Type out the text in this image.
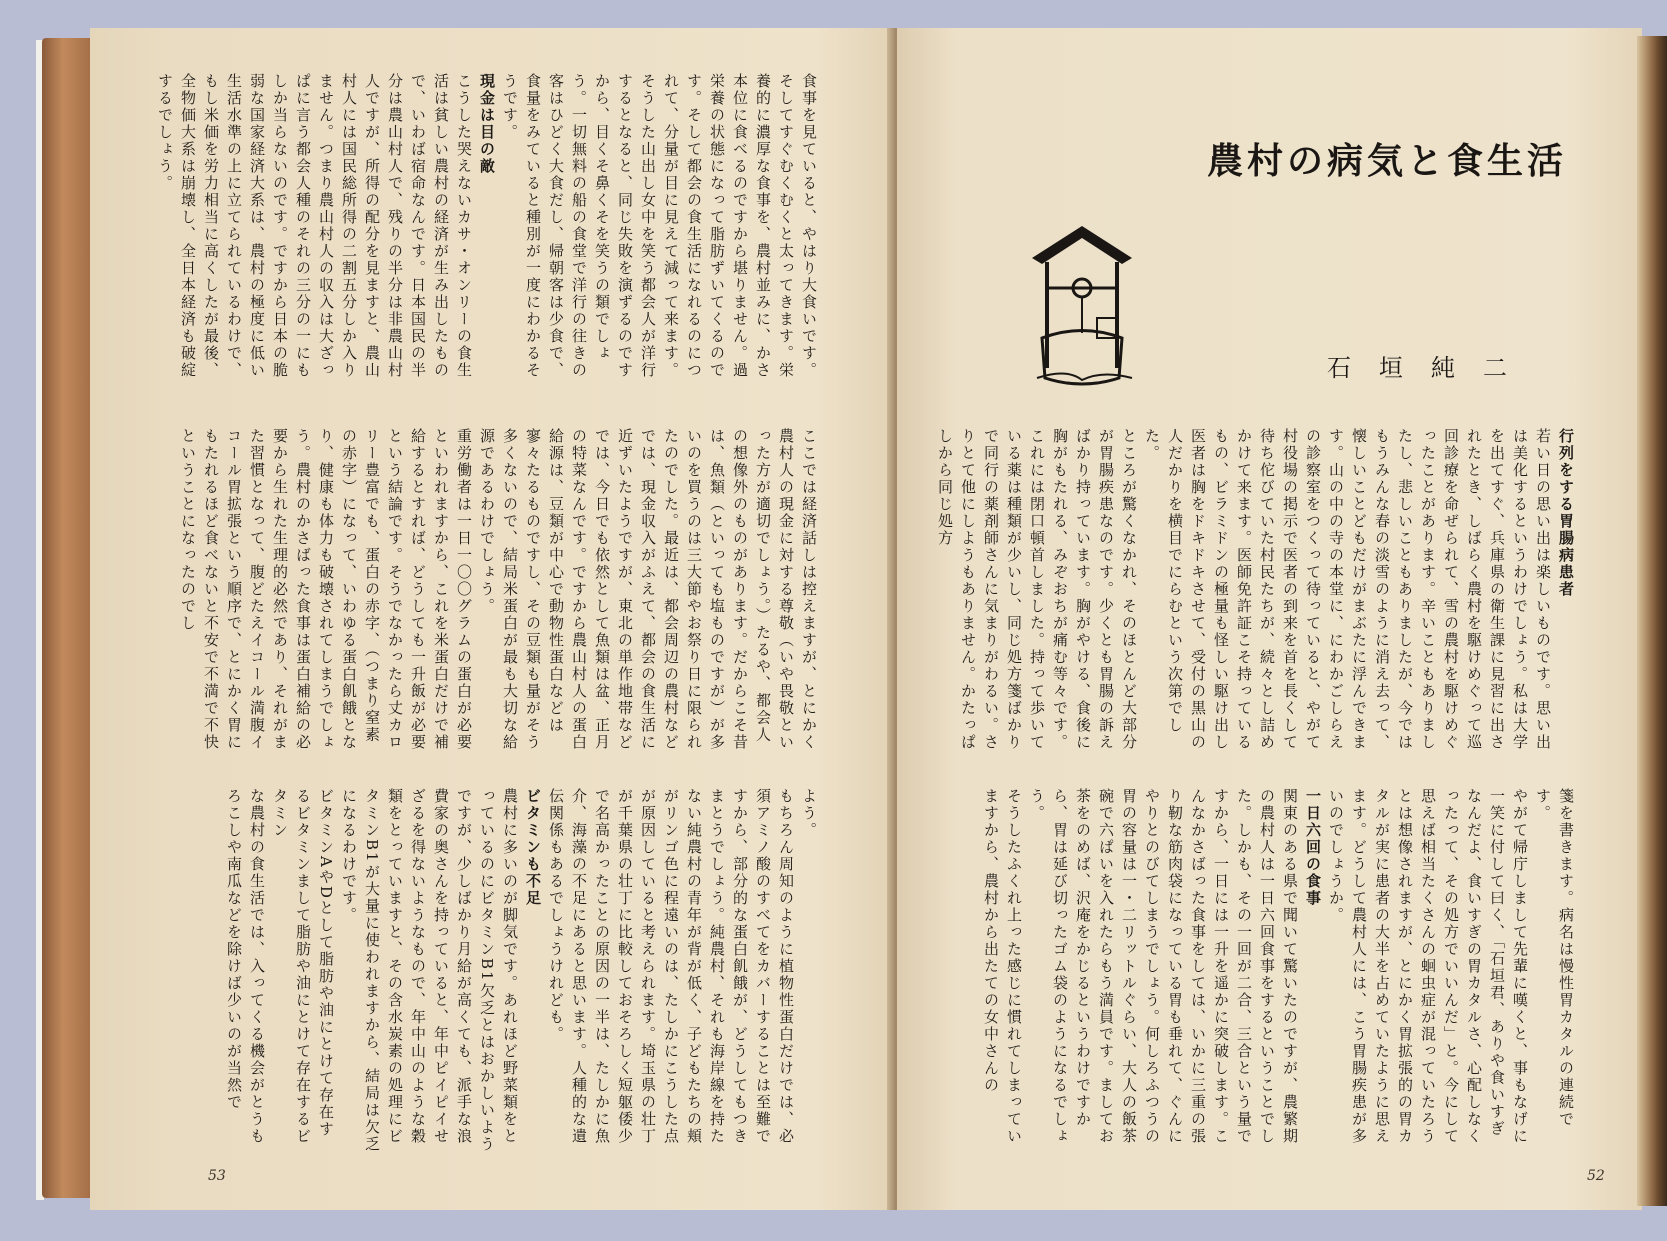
食事を見ていると、やはり大食いです。そしてすぐむくむくと太ってきます。栄養的に濃厚な食事を、農村並みに、かさ本位に食べるのですから堪りません。過栄養の状態になって脂肪ずいてくるのです。そして都会の食生活になれるのにつれて、分量が目に見えて減って来ます。そうした山出し女中を笑う都会人が洋行するとなると、同じ失敗を演ずるのですから、目くそ鼻くそを笑うの類でしょう。一切無料の船の食堂で洋行の往きの客はひどく大食だし、帰朝客は少食で、食量をみていると種別が一度にわかるそうです。
現金は目の敵
こうした哭えないカサ・オンリーの食生活は貧しい農村の経済が生み出したもので、いわば宿命なんです。日本国民の半分は農山村人で、残りの半分は非農山村人ですが、所得の配分を見ますと、農山村人には国民総所得の二割五分しか入りません。つまり農山村人の収入は大ざっぱに言う都会人種のそれの三分の一にもしか当らないのです。ですから日本の脆弱な国家経済大系は、農村の極度に低い生活水準の上に立てられているわけで、もし米価を労力相当に高くしたが最後、全物価大系は崩壊し、全日本経済も破綻するでしょう。
ここでは経済話しは控えますが、とにかく農村人の現金に対する尊敬（いや畏敬といった方が適切でしょう。）たるや、都会人の想像外のものがあります。だからこそ昔は、魚類（といっても塩ものですが）が多いのを買うのは三大節やお祭り日に限られたのでした。最近は、都会周辺の農村などでは、現金収入がふえて、都会の食生活に近ずいたようですが、東北の単作地帯などでは、今日でも依然として魚類は盆、正月の特菜なんです。ですから農山村人の蛋白給源は、豆類が中心で動物性蛋白などは寥々たるものですし、その豆類も量がそう多くないので、結局米蛋白が最も大切な給源であるわけでしょう。
重労働者は一日一〇〇グラムの蛋白が必要といわれますから、これを米蛋白だけで補給するとすれば、どうしても一升飯が必要という結論です。そうでなかったら丈カロリー豊富でも、蛋白の赤字、（つまり窒素の赤字）になって、いわゆる蛋白飢餓となり、健康も体力も破壊されてしまうでしょう。農村のかさばった食事は蛋白補給の必要から生れた生理的必然であり、それがまた習慣となって、腹どたえイコール満腹イコール胃拡張という順序で、とにかく胃にもたれるほど食べないと不安で不満で不快ということになったのでし
よう。
もちろん周知のように植物性蛋白だけでは、必須アミノ酸のすべてをカバーすることは至難ですから、部分的な蛋白飢餓が、どうしてもつきまとうでしょう。純農村、それも海岸線を持たない純農村の青年が背が低く、子どもたちの頬がリンゴ色に程遠いのは、たしかにこうした点が原因していると考えられます。埼玉県の壮丁が千葉県の壮丁に比較しておそろしく短躯倭少で名高かったことの原因の一半は、たしかに魚介、海藻の不足にあると思います。人種的な遺伝関係もあるでしょうけれども。
ビタミンも不足
農村に多いのが脚気です。あれほど野菜類をとっているのにビタミンB1欠乏とはおかしいようですが、少しばかり月給が高くても、派手な浪費家の奥さんを持っていると、年中ピイピイせざるを得ないようなもので、年中山のような穀類をとっていますと、その含水炭素の処理にビタミンB1が大量に使われますから、結局は欠乏になるわけです。
ビタミンAやDとして脂肪や油にとけて存在するビタミンまして脂肪や油にとけて存在するビタミン
な農村の食生活では、入ってくる機会がとうもろこしや南瓜などを除けば少いのが当然で
53
農村の病気と食生活
石垣純二
行列をする胃腸病患者
若い日の思い出は楽しいものです。思い出は美化するというわけでしょう。私は大学を出てすぐ、兵庫県の衛生課に見習に出されたとき、しばらく農村を駆けめぐって巡回診療を命ぜられて、雪の農村を駆けめぐったことがあります。辛いこともありましたし、悲しいこともありましたが、今ではもうみんな春の淡雪のように消え去って、懐しいことどもだけがまぶたに浮んできます。山の中の寺の本堂に、にわかごしらえの診察室をつくって待っていると、やがて村役場の掲示で医者の到来を首を長くして待ち佗びていた村民たちが、続々とし詰めかけて来ます。医師免許証こそ持っているもの、ビラミドンの極量も怪しい駆け出し医者は胸をドキドキさせて、受付の黒山の人だかりを横目でにらむという次第でした。
ところが驚くなかれ、そのほとんど大部分が胃腸疾患なのです。少くとも胃腸の訴えばかり持っています。胸がやける、食後に胸がもたれる、みぞおちが痛む等々です。これには閉口頓首しました。持って歩いている薬は種類が少いし、同じ処方箋ばかりで同行の薬剤師さんに気まりがわるい。さりとて他にしようもありません。かたっぱしから同じ処方
箋を書きます。病名は慢性胃カタルの連続です。
やがて帰庁しまして先輩に嘆くと、事もなげに一笑に付して曰く、「石垣君、ありや食いすぎなんだよ、食いすぎの胃カタルさ、心配しなくったって、その処方でいいんだ」と。今にして思えば相当たくさんの蛔虫症が混っていたろうとは想像されますが、とにかく胃拡張的の胃カタルが実に患者の大半を占めていたように思えます。どうして農村人には、こう胃腸疾患が多いのでしょうか。
一日六回の食事
関東のある県で聞いて驚いたのですが、農繁期の農村人は一日六回食事をするということでした。しかも、その一回が二合、三合という量ですから、一日には一升を遥かに突破します。こんなかさばった食事をしては、いかに三重の張り靭な筋肉袋になっている胃も垂れて、ぐんにやりとのびてしまうでしょう。何しろふつうの胃の容量は一・二リットルぐらい、大人の飯茶碗で六ぱいを入れたらもう満員です。ましてお茶をのめば、沢庵をかじるというわけですから、胃は延び切ったゴム袋のようになるでしょう。
そうしたふくれ上った感じに慣れてしまっていますから、農村から出たての女中さんの
52
